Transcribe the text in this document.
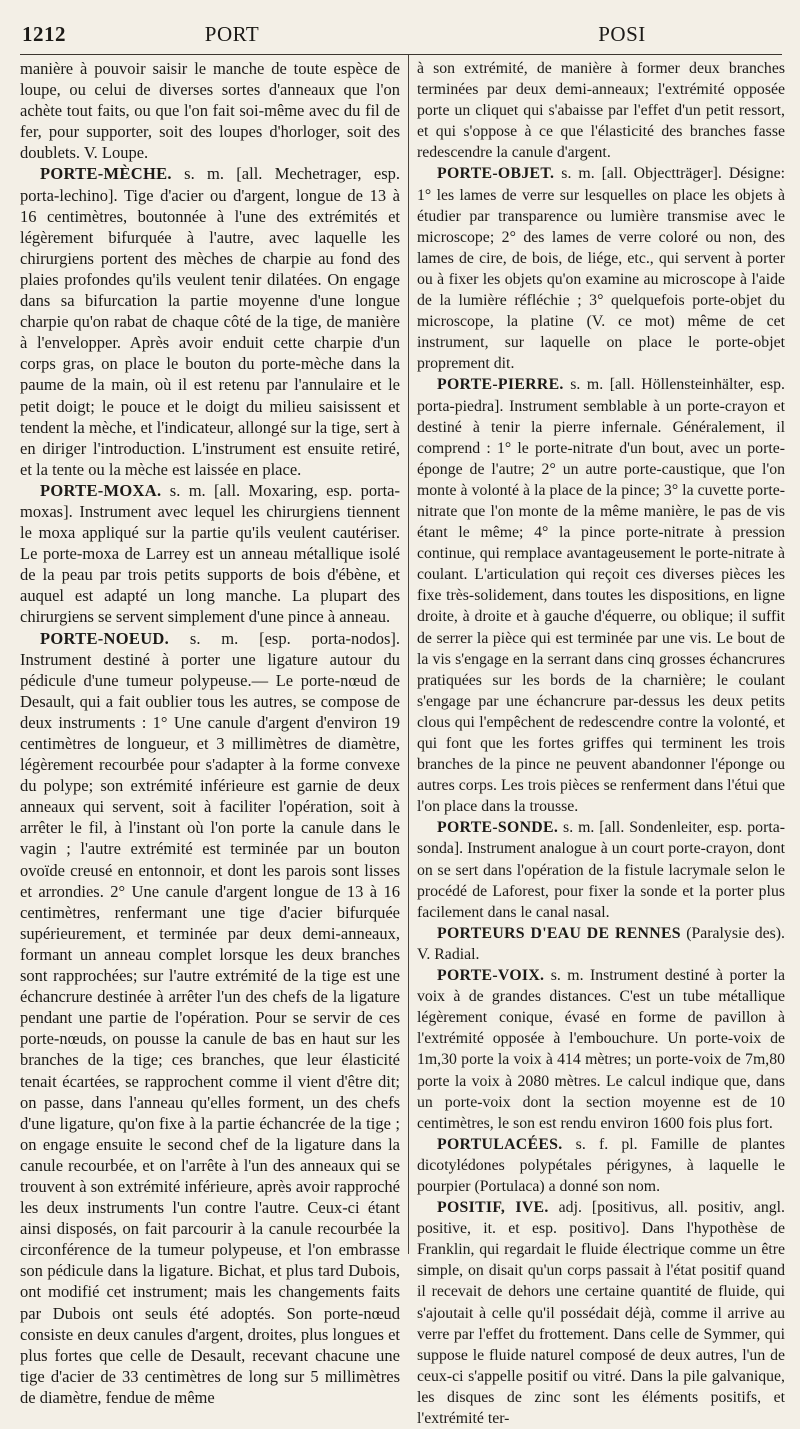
1212	PORT	POSI

manière à pouvoir saisir le manche de toute espèce de loupe, ou celui de diverses sortes d'anneaux que l'on achète tout faits, ou que l'on fait soi-même avec du fil de fer, pour supporter, soit des loupes d'horloger, soit des doublets. V. Loupe.

PORTE-MÈCHE. s. m. [all. Mechetrager, esp. porta-lechino]. Tige d'acier ou d'argent, longue de 13 à 16 centimètres, boutonnée à l'une des extrémités et légèrement bifurquée à l'autre, avec laquelle les chirurgiens portent des mèches de charpie au fond des plaies profondes qu'ils veulent tenir dilatées. On engage dans sa bifurcation la partie moyenne d'une longue charpie qu'on rabat de chaque côté de la tige, de manière à l'envelopper. Après avoir enduit cette charpie d'un corps gras, on place le bouton du porte-mèche dans la paume de la main, où il est retenu par l'annulaire et le petit doigt; le pouce et le doigt du milieu saisissent et tendent la mèche, et l'indicateur, allongé sur la tige, sert à en diriger l'introduction. L'instrument est ensuite retiré, et la tente ou la mèche est laissée en place.

PORTE-MOXA. s. m. [all. Moxaring, esp. porta-moxas]. Instrument avec lequel les chirurgiens tiennent le moxa appliqué sur la partie qu'ils veulent cautériser. Le porte-moxa de Larrey est un anneau métallique isolé de la peau par trois petits supports de bois d'ébène, et auquel est adapté un long manche. La plupart des chirurgiens se servent simplement d'une pince à anneau.

PORTE-NOEUD. s. m. [esp. porta-nodos]. Instrument destiné à porter une ligature autour du pédicule d'une tumeur polypeuse.— Le porte-nœud de Desault, qui a fait oublier tous les autres, se compose de deux instruments : 1° Une canule d'argent d'environ 19 centimètres de longueur, et 3 millimètres de diamètre, légèrement recourbée pour s'adapter à la forme convexe du polype; son extrémité inférieure est garnie de deux anneaux qui servent, soit à faciliter l'opération, soit à arrêter le fil, à l'instant où l'on porte la canule dans le vagin ; l'autre extrémité est terminée par un bouton ovoïde creusé en entonnoir, et dont les parois sont lisses et arrondies. 2° Une canule d'argent longue de 13 à 16 centimètres, renfermant une tige d'acier bifurquée supérieurement, et terminée par deux demi-anneaux, formant un anneau complet lorsque les deux branches sont rapprochées; sur l'autre extrémité de la tige est une échancrure destinée à arrêter l'un des chefs de la ligature pendant une partie de l'opération. Pour se servir de ces porte-nœuds, on pousse la canule de bas en haut sur les branches de la tige; ces branches, que leur élasticité tenait écartées, se rapprochent comme il vient d'être dit; on passe, dans l'anneau qu'elles forment, un des chefs d'une ligature, qu'on fixe à la partie échancrée de la tige ; on engage ensuite le second chef de la ligature dans la canule recourbée, et on l'arrête à l'un des anneaux qui se trouvent à son extrémité inférieure, après avoir rapproché les deux instruments l'un contre l'autre. Ceux-ci étant ainsi disposés, on fait parcourir à la canule recourbée la circonférence de la tumeur polypeuse, et l'on embrasse son pédicule dans la ligature. Bichat, et plus tard Dubois, ont modifié cet instrument; mais les changements faits par Dubois ont seuls été adoptés. Son porte-nœud consiste en deux canules d'argent, droites, plus longues et plus fortes que celle de Desault, recevant chacune une tige d'acier de 33 centimètres de long sur 5 millimètres de diamètre, fendue de même

à son extrémité, de manière à former deux branches terminées par deux demi-anneaux; l'extrémité opposée porte un cliquet qui s'abaisse par l'effet d'un petit ressort, et qui s'oppose à ce que l'élasticité des branches fasse redescendre la canule d'argent.

PORTE-OBJET. s. m. [all. Objectträger]. Désigne: 1° les lames de verre sur lesquelles on place les objets à étudier par transparence ou lumière transmise avec le microscope; 2° des lames de verre coloré ou non, des lames de cire, de bois, de liége, etc., qui servent à porter ou à fixer les objets qu'on examine au microscope à l'aide de la lumière réfléchie ; 3° quelquefois porte-objet du microscope, la platine (V. ce mot) même de cet instrument, sur laquelle on place le porte-objet proprement dit.

PORTE-PIERRE. s. m. [all. Höllensteinhälter, esp. porta-piedra]. Instrument semblable à un porte-crayon et destiné à tenir la pierre infernale. Généralement, il comprend : 1° le porte-nitrate d'un bout, avec un porte-éponge de l'autre; 2° un autre porte-caustique, que l'on monte à volonté à la place de la pince; 3° la cuvette porte-nitrate que l'on monte de la même manière, le pas de vis étant le même; 4° la pince porte-nitrate à pression continue, qui remplace avantageusement le porte-nitrate à coulant. L'articulation qui reçoit ces diverses pièces les fixe très-solidement, dans toutes les dispositions, en ligne droite, à droite et à gauche d'équerre, ou oblique; il suffit de serrer la pièce qui est terminée par une vis. Le bout de la vis s'engage en la serrant dans cinq grosses échancrures pratiquées sur les bords de la charnière; le coulant s'engage par une échancrure par-dessus les deux petits clous qui l'empêchent de redescendre contre la volonté, et qui font que les fortes griffes qui terminent les trois branches de la pince ne peuvent abandonner l'éponge ou autres corps. Les trois pièces se renferment dans l'étui que l'on place dans la trousse.

PORTE-SONDE. s. m. [all. Sondenleiter, esp. porta-sonda]. Instrument analogue à un court porte-crayon, dont on se sert dans l'opération de la fistule lacrymale selon le procédé de Laforest, pour fixer la sonde et la porter plus facilement dans le canal nasal.

PORTEURS D'EAU DE RENNES (Paralysie des). V. Radial.

PORTE-VOIX. s. m. Instrument destiné à porter la voix à de grandes distances. C'est un tube métallique légèrement conique, évasé en forme de pavillon à l'extrémité opposée à l'embouchure. Un porte-voix de 1m,30 porte la voix à 414 mètres; un porte-voix de 7m,80 porte la voix à 2080 mètres. Le calcul indique que, dans un porte-voix dont la section moyenne est de 10 centimètres, le son est rendu environ 1600 fois plus fort.

PORTULACÉES. s. f. pl. Famille de plantes dicotylédones polypétales périgynes, à laquelle le pourpier (Portulaca) a donné son nom.

POSITIF, IVE. adj. [positivus, all. positiv, angl. positive, it. et esp. positivo]. Dans l'hypothèse de Franklin, qui regardait le fluide électrique comme un être simple, on disait qu'un corps passait à l'état positif quand il recevait de dehors une certaine quantité de fluide, qui s'ajoutait à celle qu'il possédait déjà, comme il arrive au verre par l'effet du frottement. Dans celle de Symmer, qui suppose le fluide naturel composé de deux autres, l'un de ceux-ci s'appelle positif ou vitré. Dans la pile galvanique, les disques de zinc sont les éléments positifs, et l'extrémité ter-
